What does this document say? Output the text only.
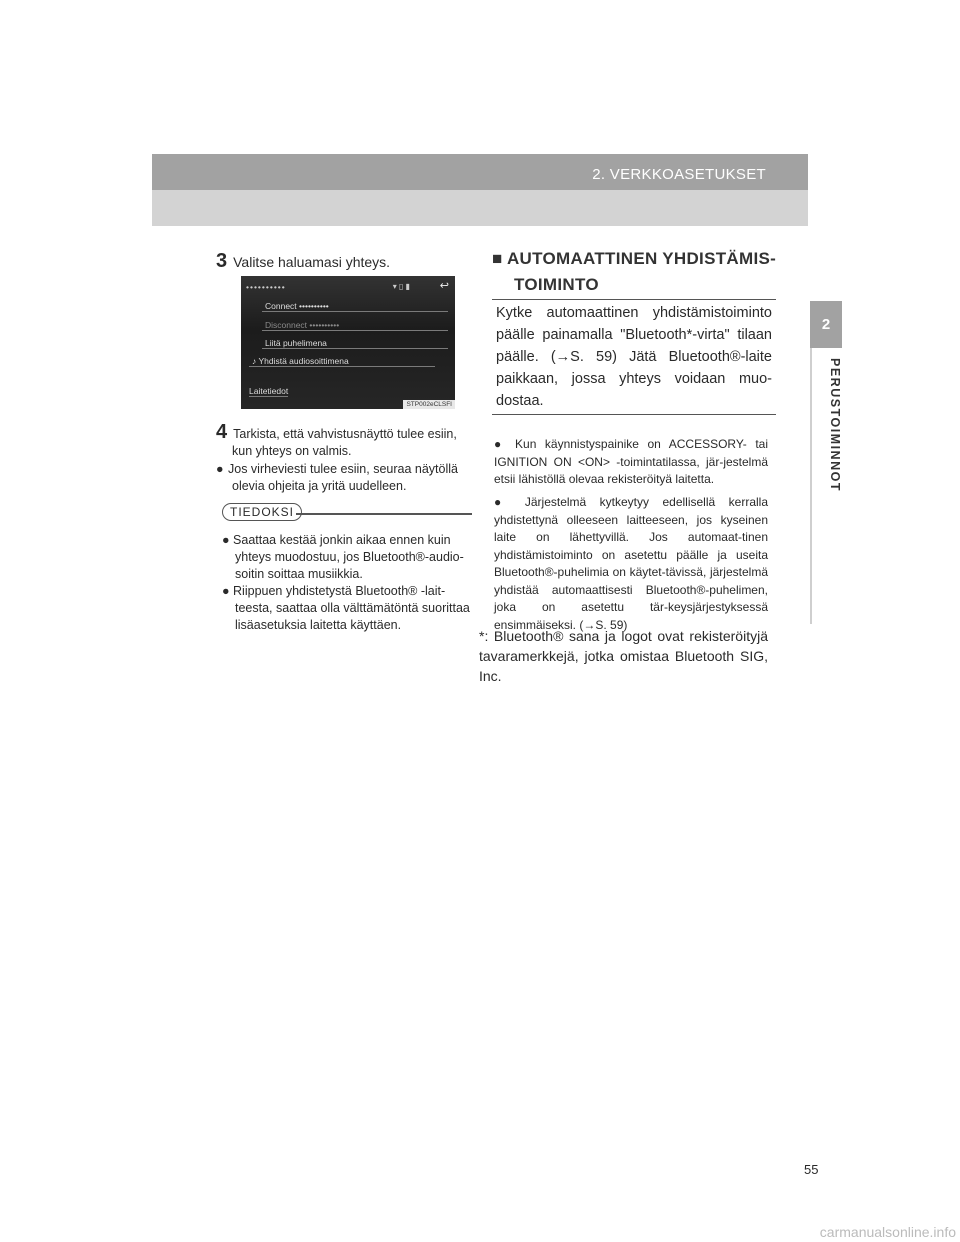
2. VERKKOASETUKSET
2
PERUSTOIMINNOT
3 Valitse haluamasi yhteys.
••••••••••	▾ ▯ ▮	↩
Connect ••••••••••
Disconnect ••••••••••
Liitä puhelimena
♪ Yhdistä audiosoittimena
Laitetiedot
STP002eCLSFI
4 Tarkista, että vahvistusnäyttö tulee esiin,
kun yhteys on valmis.
● Jos virheviesti tulee esiin, seuraa näytöllä
olevia ohjeita ja yritä uudelleen.
TIEDOKSI
● Saattaa kestää jonkin aikaa ennen kuin
yhteys muodostuu, jos Bluetooth®-audio-
soitin soittaa musiikkia.
● Riippuen yhdistetystä Bluetooth® -lait-
teesta, saattaa olla välttämätöntä suorittaa
lisäasetuksia laitetta käyttäen.
■ AUTOMAATTINEN YHDISTÄMIS-
TOIMINTO
Kytke automaattinen yhdistämistoiminto päälle painamalla "Bluetooth*-virta" tilaan päälle. (→S. 59) Jätä Bluetooth®-laite paikkaan, jossa yhteys voidaan muo-dostaa.
● Kun käynnistyspainike on ACCESSORY- tai IGNITION ON <ON> -toimintatilassa, jär-jestelmä etsii lähistöllä olevaa rekisteröityä laitetta.
● Järjestelmä kytkeytyy edellisellä kerralla yhdistettynä olleeseen laitteeseen, jos kyseinen laite on lähettyvillä. Jos automaat-tinen yhdistämistoiminto on asetettu päälle ja useita Bluetooth®-puhelimia on käytet-tävissä, järjestelmä yhdistää automaattisesti Bluetooth®-puhelimen, joka on asetettu tär-keysjärjestyksessä ensimmäiseksi. (→S. 59)
*: Bluetooth® sana ja logot ovat rekisteröityjä tavaramerkkejä, jotka omistaa Bluetooth SIG, Inc.
55
carmanualsonline.info
